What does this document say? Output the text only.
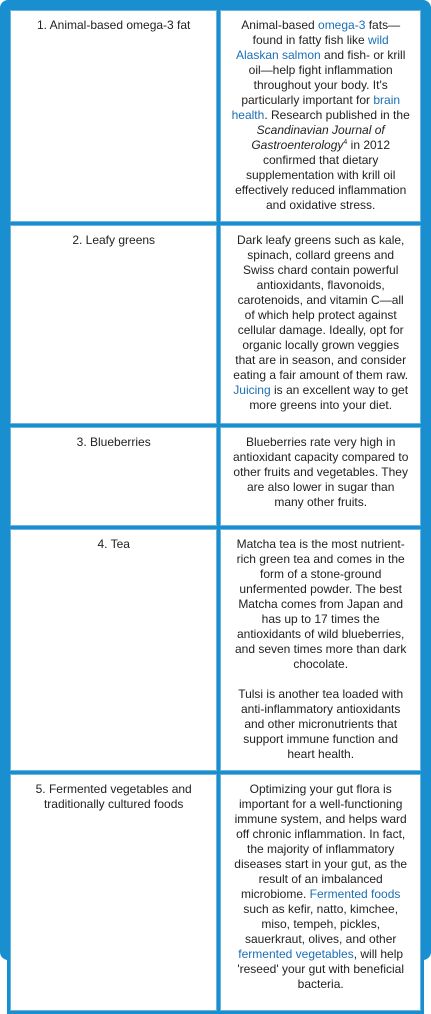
1. Animal-based omega-3 fat	Animal-based omega-3 fats—found in fatty fish like wild Alaskan salmon and fish- or krill oil—help fight inflammation throughout your body. It's particularly important for brain health. Research published in the Scandinavian Journal of Gastroenterology$^4$ in 2012 confirmed that dietary supplementation with krill oil effectively reduced inflammation and oxidative stress.
2. Leafy greens	Dark leafy greens such as kale, spinach, collard greens and Swiss chard contain powerful antioxidants, flavonoids, carotenoids, and vitamin C—all of which help protect against cellular damage. Ideally, opt for organic locally grown veggies that are in season, and consider eating a fair amount of them raw. Juicing is an excellent way to get more greens into your diet.
3. Blueberries	Blueberries rate very high in antioxidant capacity compared to other fruits and vegetables. They are also lower in sugar than many other fruits.
4. Tea	Matcha tea is the most nutrient-rich green tea and comes in the form of a stone-ground unfermented powder. The best Matcha comes from Japan and has up to 17 times the antioxidants of wild blueberries, and seven times more than dark chocolate.
Tulsi is another tea loaded with anti-inflammatory antioxidants and other micronutrients that support immune function and heart health.
5. Fermented vegetables and traditionally cultured foods	Optimizing your gut flora is important for a well-functioning immune system, and helps ward off chronic inflammation. In fact, the majority of inflammatory diseases start in your gut, as the result of an imbalanced microbiome. Fermented foods such as kefir, natto, kimchee, miso, tempeh, pickles, sauerkraut, olives, and other fermented vegetables, will help 'reseed' your gut with beneficial bacteria.
